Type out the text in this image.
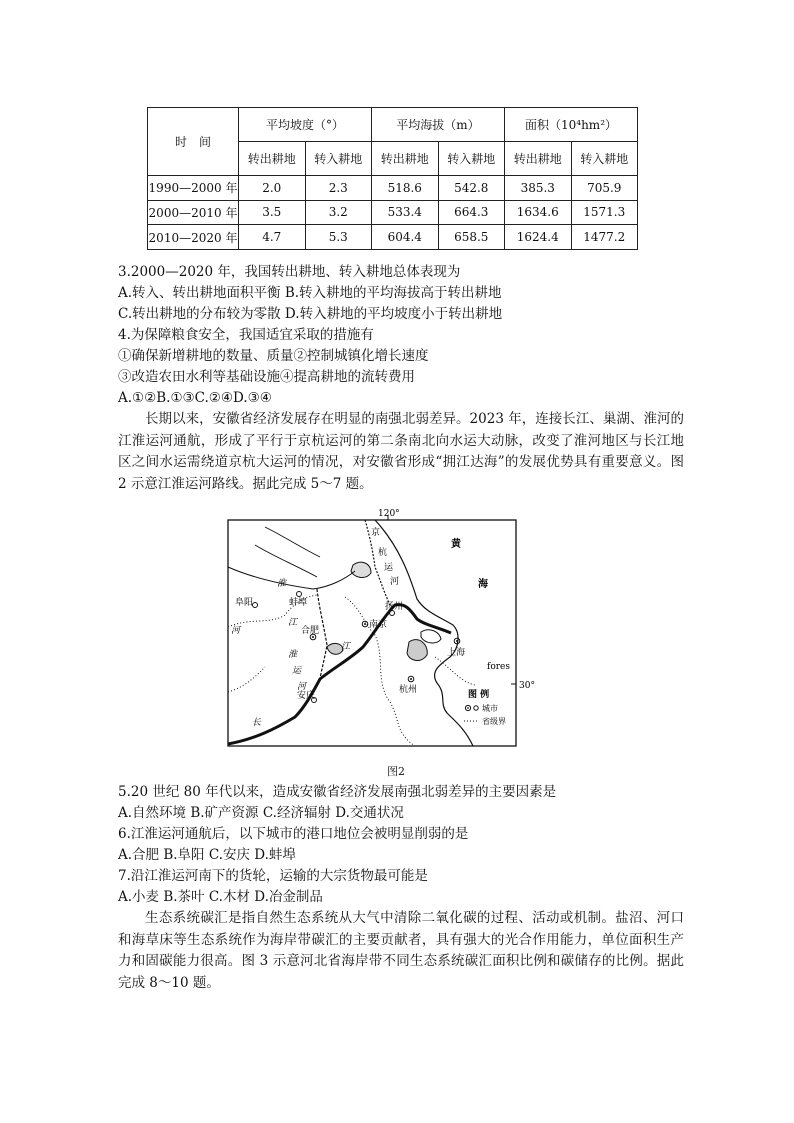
时　间	平均坡度（°）		平均海拔（m）		面积（10⁴hm²）	
	转出耕地	转入耕地	转出耕地	转入耕地	转出耕地	转入耕地
1990—2000 年	2.0	2.3	518.6	542.8	385.3	705.9
2000—2010 年	3.5	3.2	533.4	664.3	1634.6	1571.3
2010—2020 年	4.7	5.3	604.4	658.5	1624.4	1477.2
3.2000—2020 年，我国转出耕地、转入耕地总体表现为
A.转入、转出耕地面积平衡 B.转入耕地的平均海拔高于转出耕地
C.转出耕地的分布较为零散 D.转入耕地的平均坡度小于转出耕地
4.为保障粮食安全，我国适宜采取的措施有
①确保新增耕地的数量、质量②控制城镇化增长速度
③改造农田水利等基础设施④提高耕地的流转费用
A.①②B.①③C.②④D.③④
长期以来，安徽省经济发展存在明显的南强北弱差异。2023 年，连接长江、巢湖、淮河的江淮运河通航，形成了平行于京杭运河的第二条南北向水运大动脉，改变了淮河地区与长江地区之间水运需绕道京杭大运河的情况，对安徽省形成“拥江达海”的发展优势具有重要意义。图 2 示意江淮运河路线。据此完成 5～7 题。
120°
30°
fores
黄
海
京
杭
运
河
淮
河
江
淮
运
河
江
长
阜阳	蚌埠
合肥
安庆
南京
扬州
上海
杭州	图 例
城市
省级界
图2
5.20 世纪 80 年代以来，造成安徽省经济发展南强北弱差异的主要因素是
A.自然环境 B.矿产资源 C.经济辐射 D.交通状况
6.江淮运河通航后，以下城市的港口地位会被明显削弱的是
A.合肥 B.阜阳 C.安庆 D.蚌埠
7.沿江淮运河南下的货轮，运输的大宗货物最可能是
A.小麦 B.茶叶 C.木材 D.冶金制品
生态系统碳汇是指自然生态系统从大气中清除二氧化碳的过程、活动或机制。盐沼、河口和海草床等生态系统作为海岸带碳汇的主要贡献者，具有强大的光合作用能力，单位面积生产力和固碳能力很高。图 3 示意河北省海岸带不同生态系统碳汇面积比例和碳储存的比例。据此完成 8～10 题。
